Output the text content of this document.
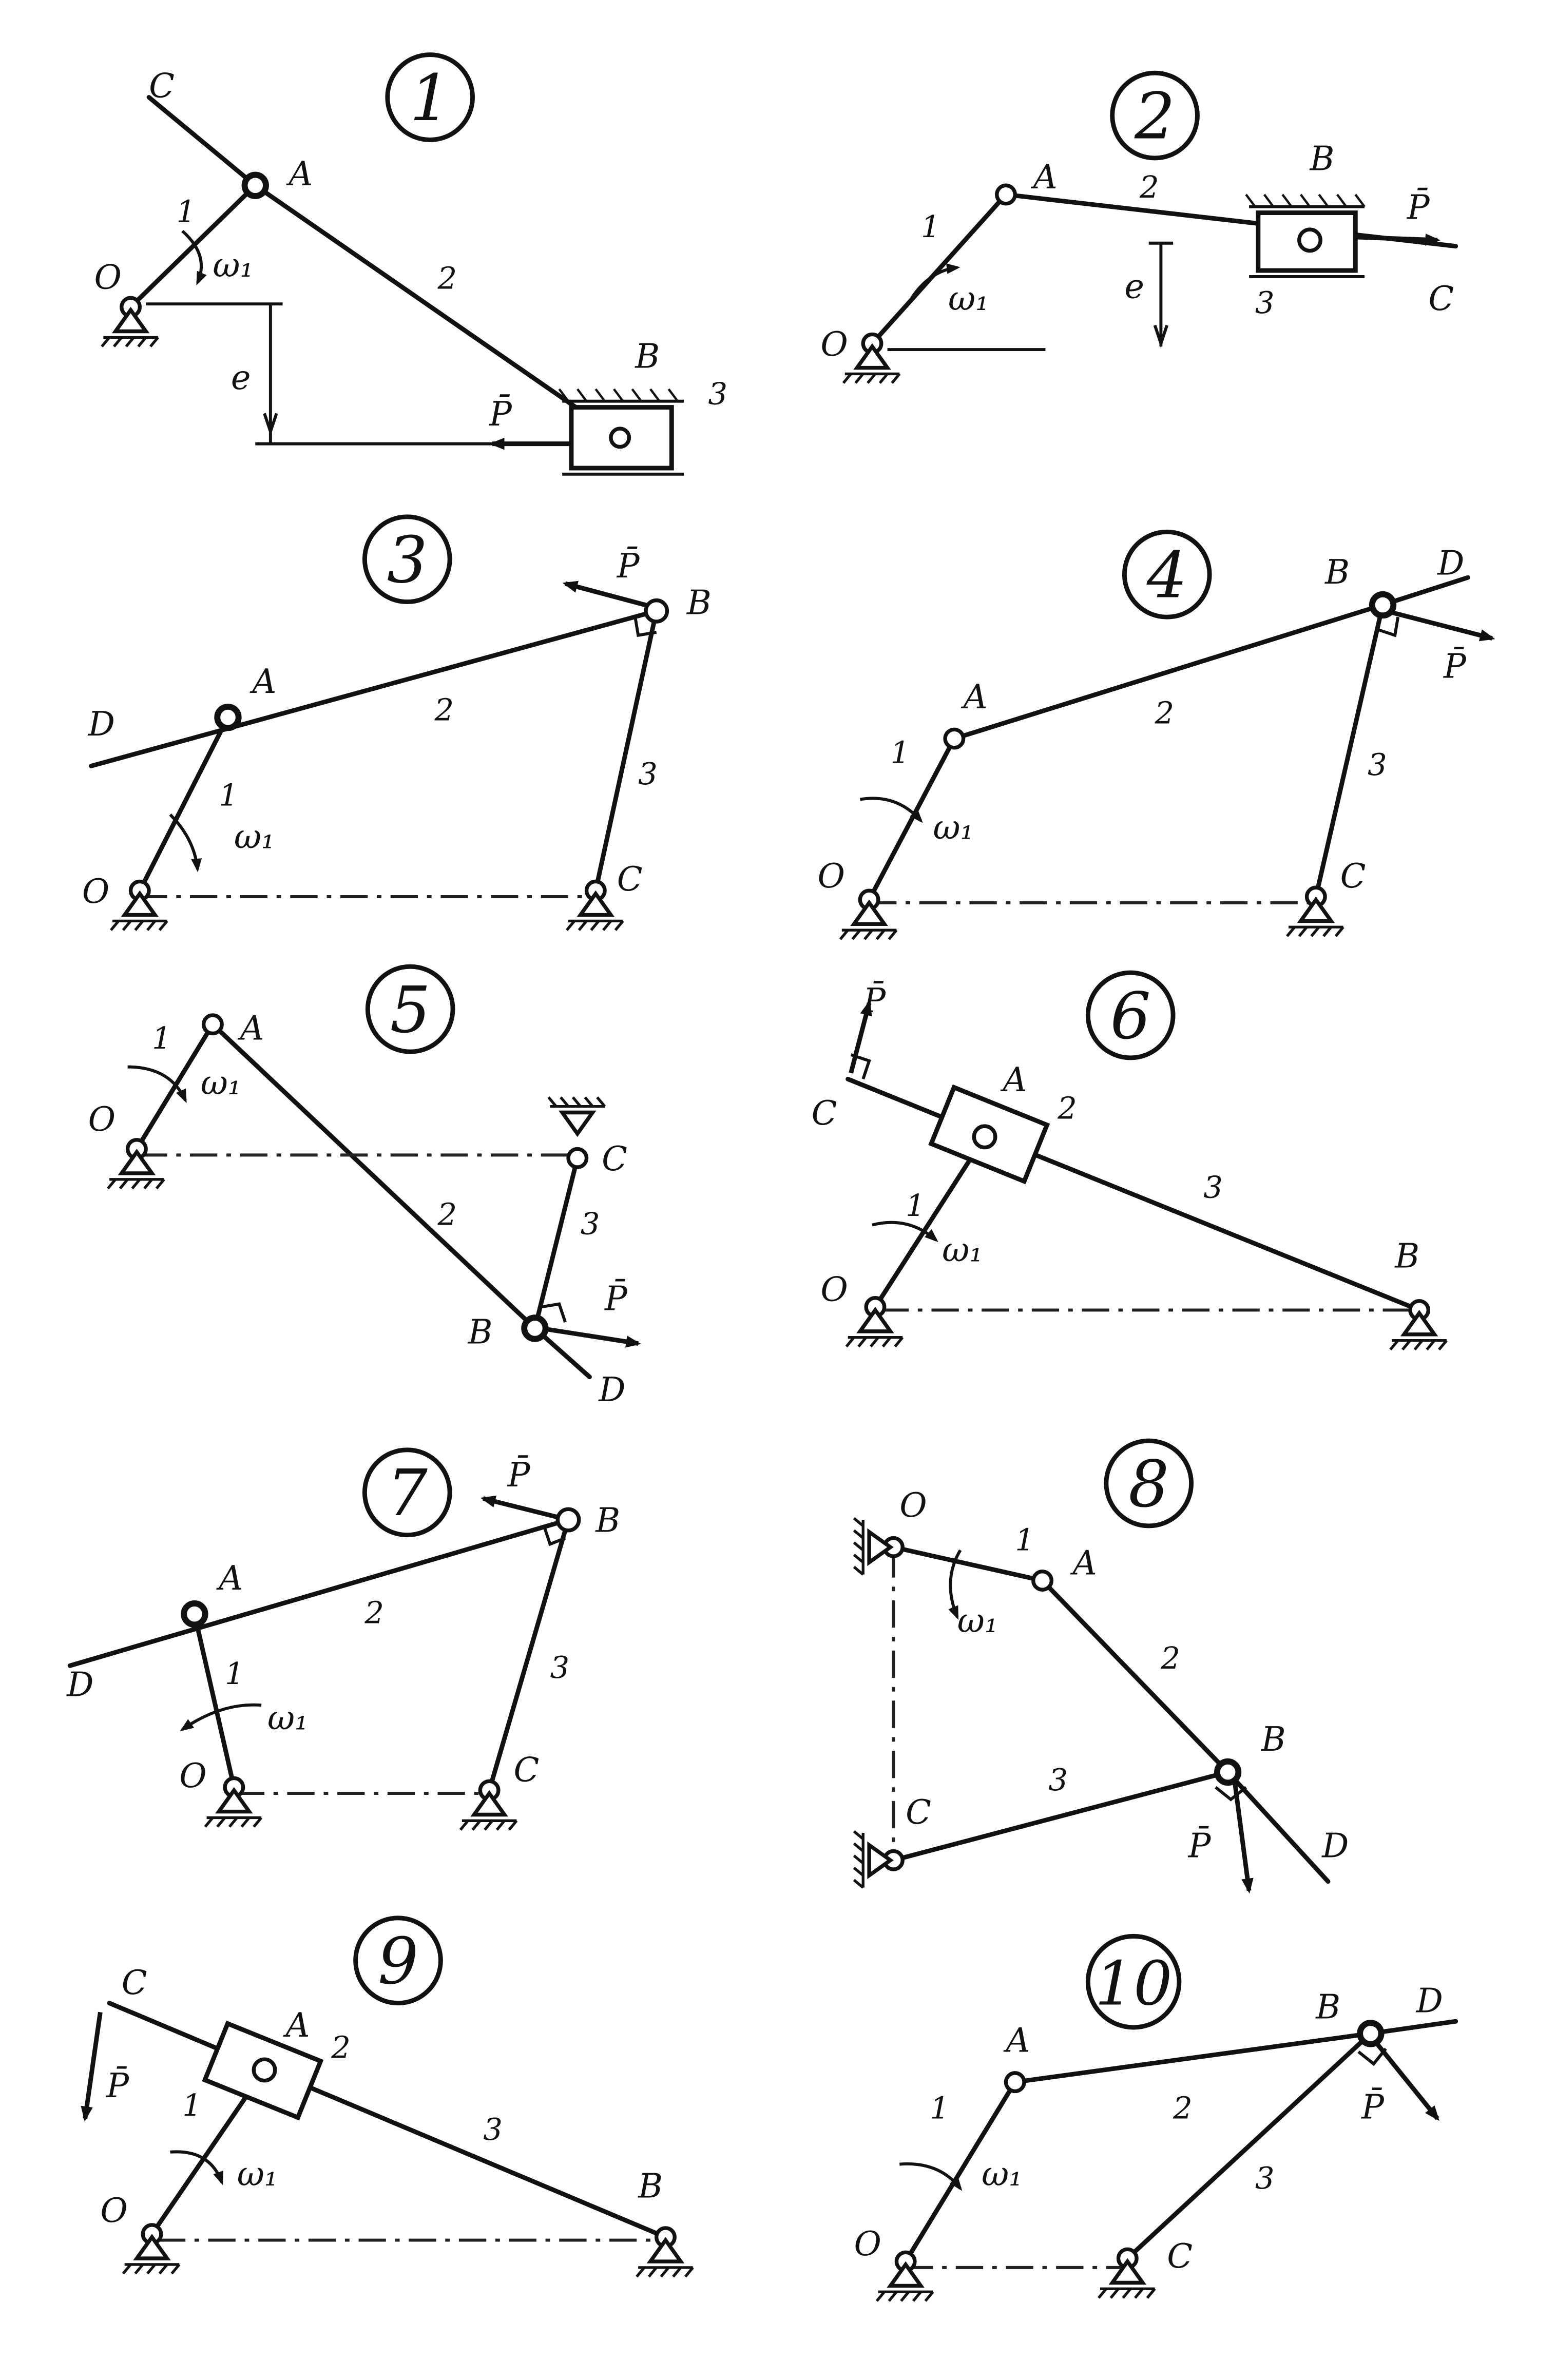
1
C
A
O
B
P̄
e
1
2
3
ω₁
2
A	B
P̄
C
O
e
1
2
3
ω₁
3	P̄
B
A
D
O	C
1
2
3
ω₁
4	B	D
P̄
A
O	C
1
2
3
ω₁
5
A
O
C
P̄
B
D
1
2	3
ω₁
6
P̄
C
A
B
O
1
2
3
ω₁
7	P̄
B
A
D
O	C
1
2
3
ω₁
8
O
A
B
C
P̄	D
1
2
3
ω₁
9
C
P̄
A
O
B
1
2
3
ω₁
10
A
B	D
P̄
C
O
1	2
3
ω₁
